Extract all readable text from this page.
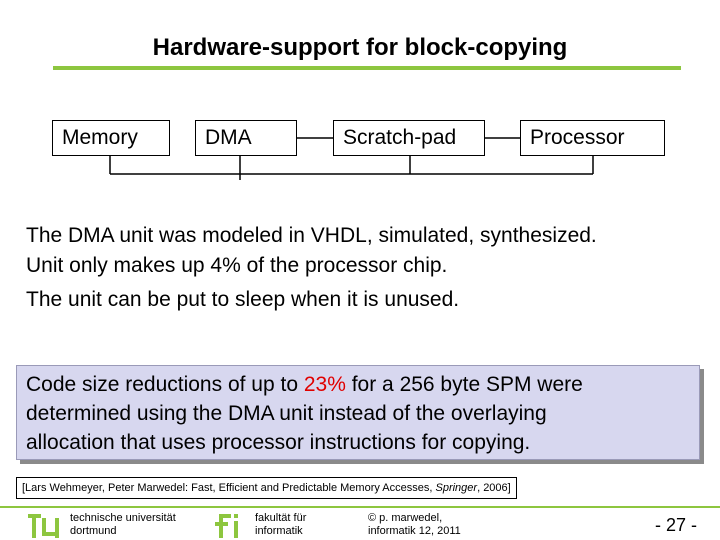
Hardware-support for block-copying
Memory	DMA	Scratch-pad	Processor
The DMA unit was modeled in VHDL, simulated, synthesized.
Unit only makes up 4% of the processor chip.
The unit can be put to sleep when it is unused.
Code size reductions of up to 23% for a 256 byte SPM were
determined using the DMA unit instead of the overlaying
allocation that uses processor instructions for copying.
[Lars Wehmeyer, Peter Marwedel: Fast, Efficient and Predictable Memory Accesses, Springer, 2006]
technische universität
dortmund
fakultät für
informatik
© p. marwedel,
informatik 12, 2011	- 27 -
